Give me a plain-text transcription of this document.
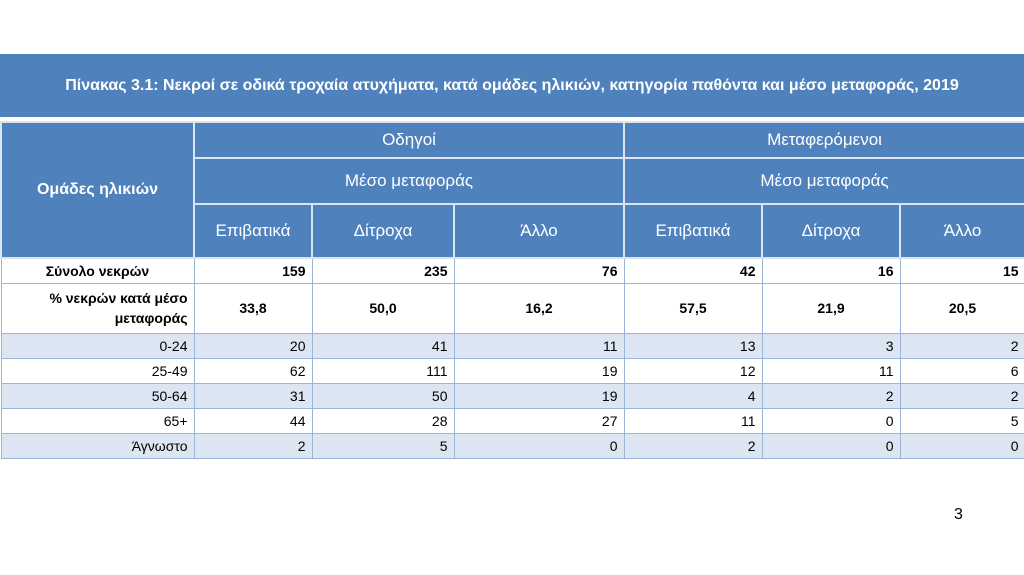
Πίνακας 3.1: Νεκροί σε οδικά τροχαία ατυχήματα, κατά ομάδες ηλικιών, κατηγορία παθόντα και μέσο μεταφοράς, 2019
Ομάδες ηλικιών	Οδηγοί			Μεταφερόμενοι		
	Μέσο μεταφοράς			Μέσο μεταφοράς		
	Επιβατικά	Δίτροχα	Άλλο	Επιβατικά	Δίτροχα	Άλλο
Σύνολο νεκρών	159	235	76	42	16	15
% νεκρών κατά μέσο μεταφοράς	33,8	50,0	16,2	57,5	21,9	20,5
0-24	20	41	11	13	3	2
25-49	62	111	19	12	11	6
50-64	31	50	19	4	2	2
65+	44	28	27	11	0	5
Άγνωστο	2	5	0	2	0	0
3
